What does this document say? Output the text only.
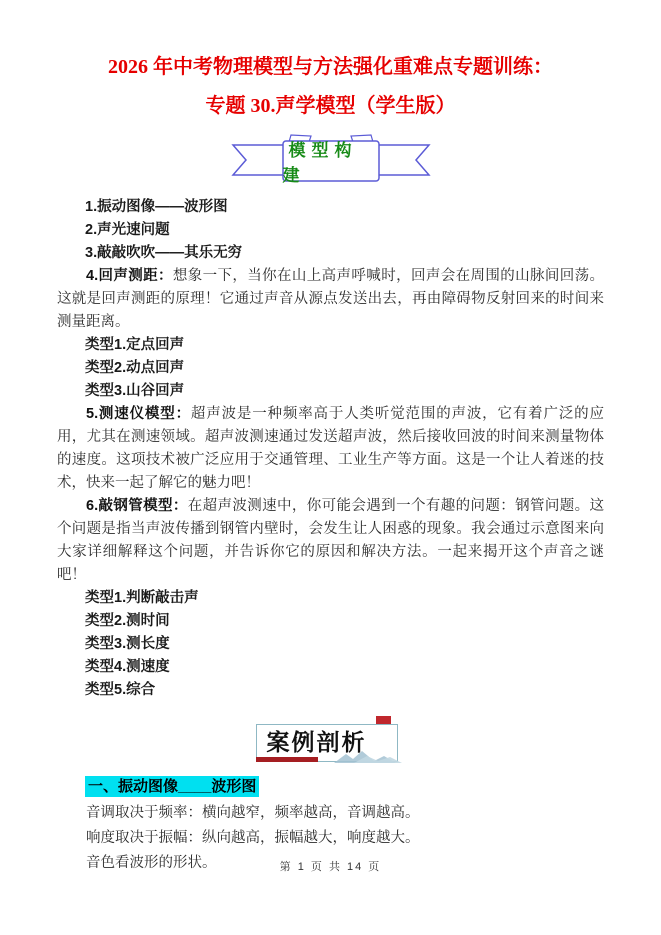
2026 年中考物理模型与方法强化重难点专题训练：
专题 30.声学模型（学生版）
模型构建
1.振动图像——波形图
2.声光速问题
3.敲敲吹吹——其乐无穷

4.回声测距：想象一下，当你在山上高声呼喊时，回声会在周围的山脉间回荡。这就是回声测距的原理！它通过声音从源点发送出去，再由障碍物反射回来的时间来测量距离。

类型1.定点回声
类型2.动点回声
类型3.山谷回声

5.测速仪模型：超声波是一种频率高于人类听觉范围的声波，它有着广泛的应用，尤其在测速领域。超声波测速通过发送超声波，然后接收回波的时间来测量物体的速度。这项技术被广泛应用于交通管理、工业生产等方面。这是一个让人着迷的技术，快来一起了解它的魅力吧！

6.敲钢管模型：在超声波测速中，你可能会遇到一个有趣的问题：钢管问题。这个问题是指当声波传播到钢管内壁时，会发生让人困惑的现象。我会通过示意图来向大家详细解释这个问题，并告诉你它的原因和解决方法。一起来揭开这个声音之谜吧！

类型1.判断敲击声
类型2.测时间
类型3.测长度
类型4.测速度
类型5.综合
案例剖析
一、振动图像____波形图

音调取决于频率：横向越窄，频率越高，音调越高。

响度取决于振幅：纵向越高，振幅越大，响度越大。

音色看波形的形状。	第 1 页 共 14 页
